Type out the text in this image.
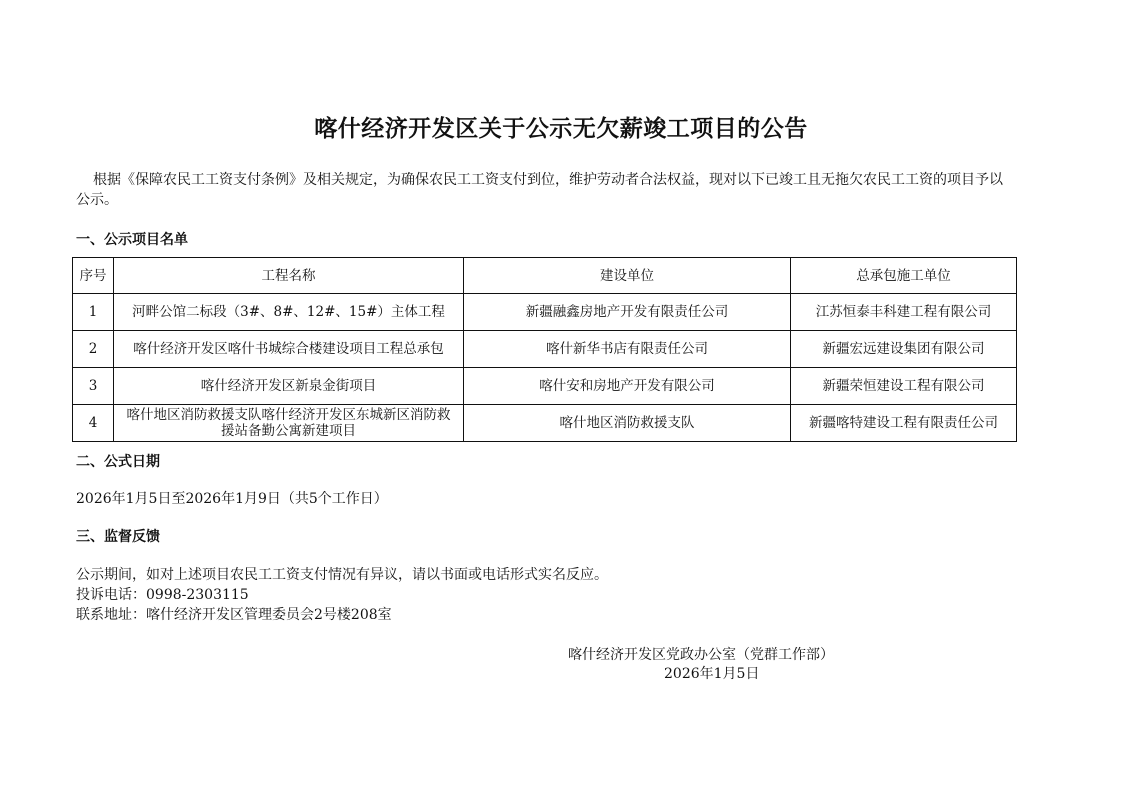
喀什经济开发区关于公示无欠薪竣工项目的公告
根据《保障农民工工资支付条例》及相关规定，为确保农民工工资支付到位，维护劳动者合法权益，现对以下已竣工且无拖欠农民工工资的项目予以公示。
一、公示项目名单
序号	工程名称	建设单位	总承包施工单位
1	河畔公馆二标段（3#、8#、12#、15#）主体工程	新疆融鑫房地产开发有限责任公司	江苏恒泰丰科建工程有限公司
2	喀什经济开发区喀什书城综合楼建设项目工程总承包	喀什新华书店有限责任公司	新疆宏远建设集团有限公司
3	喀什经济开发区新泉金街项目	喀什安和房地产开发有限公司	新疆荣恒建设工程有限公司
4	喀什地区消防救援支队喀什经济开发区东城新区消防救援站备勤公寓新建项目	喀什地区消防救援支队	新疆喀特建设工程有限责任公司
二、公式日期
2026年1月5日至2026年1月9日（共5个工作日）
三、监督反馈
公示期间，如对上述项目农民工工资支付情况有异议，请以书面或电话形式实名反应。
投诉电话：0998-2303115
联系地址：喀什经济开发区管理委员会2号楼208室
喀什经济开发区党政办公室（党群工作部）
2026年1月5日
